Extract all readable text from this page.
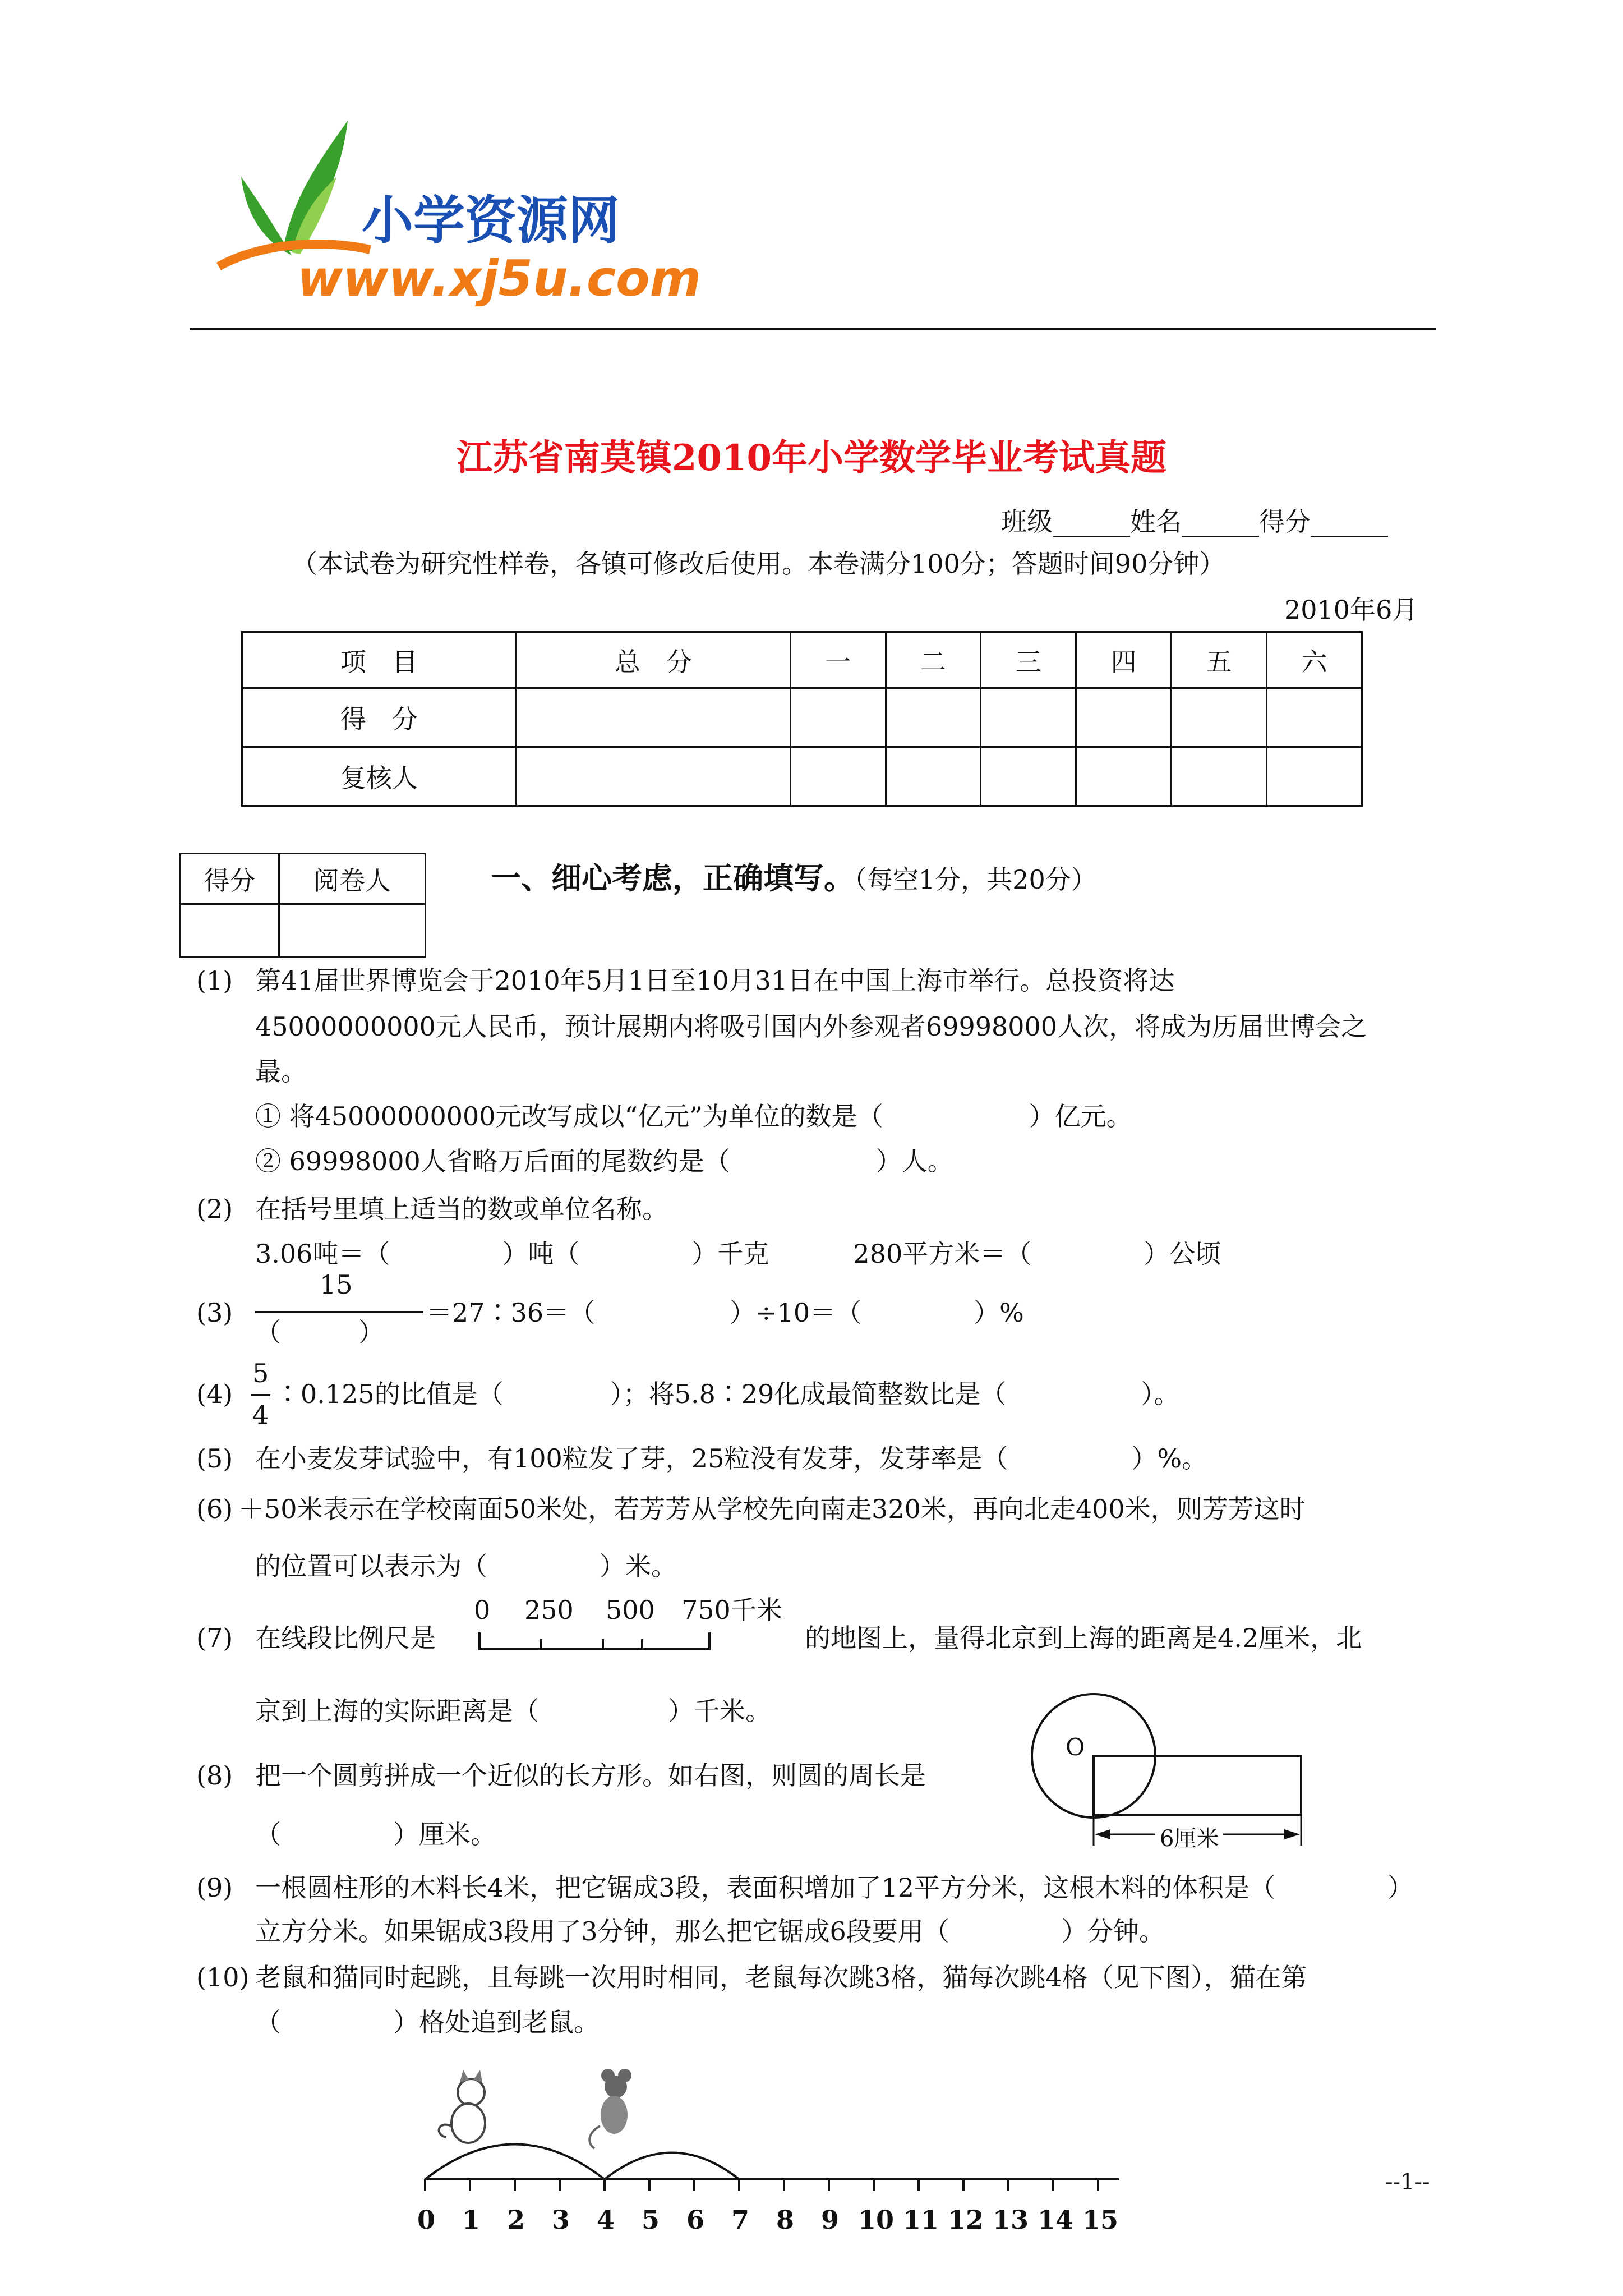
小学资源网
www.xj5u.com
江苏省南莫镇2010年小学数学毕业考试真题
班级______姓名______得分______
（本试卷为研究性样卷，各镇可修改后使用。本卷满分100分；答题时间90分钟）
2010年6月
项　目	总　分	一	二	三	四	五	六
得　分							
复核人							
得分	阅卷人
		一、细心考虑，正确填写。（每空1分，共20分）
(1) 第41届世界博览会于2010年5月1日至10月31日在中国上海市举行。总投资将达
45000000000元人民币，预计展期内将吸引国内外参观者69998000人次，将成为历届世博会之
最。
① 将45000000000元改写成以“亿元”为单位的数是（	）亿元。
② 69998000人省略万后面的尾数约是（	）人。
(2) 在括号里填上适当的数或单位名称。
3.06吨＝（	）吨（	）千克	280平方米＝（	）公顷
(3)
15
（　　　）
＝27∶36＝（	）÷10＝（	）%
(4)
5
4
∶0.125的比值是（	）；将5.8∶29化成最简整数比是（	）。
(5) 在小麦发芽试验中，有100粒发了芽，25粒没有发芽，发芽率是（	）%。
(6) ＋50米表示在学校南面50米处，若芳芳从学校先向南走320米，再向北走400米，则芳芳这时
的位置可以表示为（	）米。
(7) 在线段比例尺是
0 250 500 750千米
的地图上，量得北京到上海的距离是4.2厘米，北
京到上海的实际距离是（	）千米。
(8) 把一个圆剪拼成一个近似的长方形。如右图，则圆的周长是
（	）厘米。
O
6厘米
(9) 一根圆柱形的木料长4米，把它锯成3段，表面积增加了12平方分米，这根木料的体积是（	）
立方分米。如果锯成3段用了3分钟，那么把它锯成6段要用（	）分钟。
(10) 老鼠和猫同时起跳，且每跳一次用时相同，老鼠每次跳3格，猫每次跳4格（见下图），猫在第
（	）格处追到老鼠。
0 1 2 3 4 5 6 7 8 9 10 11 12 13 14 15
--1--
